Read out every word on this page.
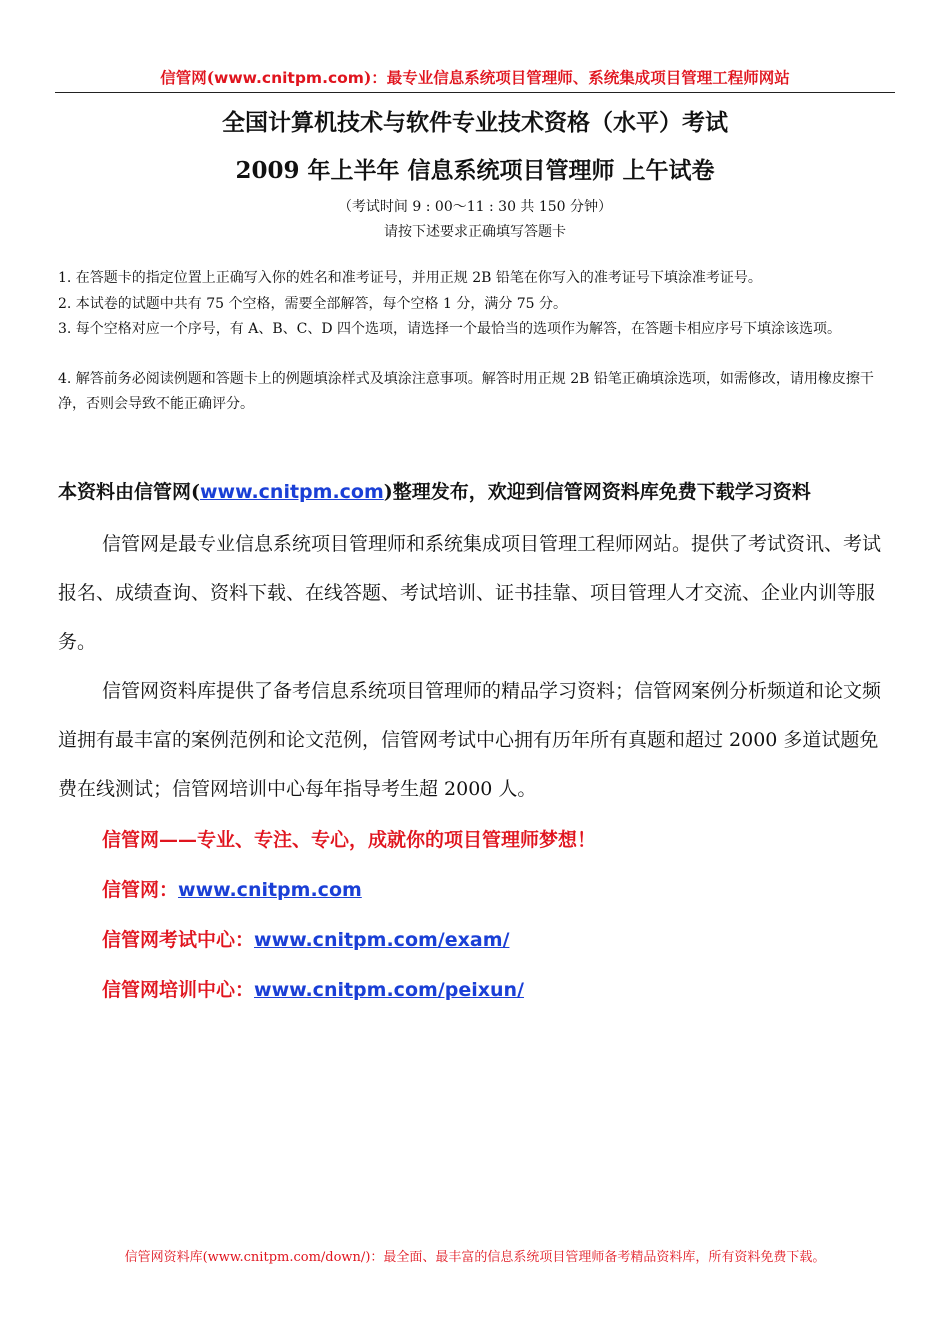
信管网(www.cnitpm.com)：最专业信息系统项目管理师、系统集成项目管理工程师网站
全国计算机技术与软件专业技术资格（水平）考试
2009 年上半年 信息系统项目管理师 上午试卷
（考试时间 9 : 00～11 : 30 共 150 分钟）
请按下述要求正确填写答题卡
1. 在答题卡的指定位置上正确写入你的姓名和准考证号，并用正规 2B 铅笔在你写入的准考证号下填涂准考证号。
2. 本试卷的试题中共有 75 个空格，需要全部解答，每个空格 1 分，满分 75 分。
3. 每个空格对应一个序号，有 A、B、C、D 四个选项，请选择一个最恰当的选项作为解答，在答题卡相应序号下填涂该选项。
4. 解答前务必阅读例题和答题卡上的例题填涂样式及填涂注意事项。解答时用正规 2B 铅笔正确填涂选项，如需修改，请用橡皮擦干净，否则会导致不能正确评分。
本资料由信管网(www.cnitpm.com)整理发布，欢迎到信管网资料库免费下载学习资料
信管网是最专业信息系统项目管理师和系统集成项目管理工程师网站。提供了考试资讯、考试报名、成绩查询、资料下载、在线答题、考试培训、证书挂靠、项目管理人才交流、企业内训等服务。
信管网资料库提供了备考信息系统项目管理师的精品学习资料；信管网案例分析频道和论文频道拥有最丰富的案例范例和论文范例，信管网考试中心拥有历年所有真题和超过 2000 多道试题免费在线测试；信管网培训中心每年指导考生超 2000 人。
信管网——专业、专注、专心，成就你的项目管理师梦想！
信管网：www.cnitpm.com
信管网考试中心：www.cnitpm.com/exam/
信管网培训中心：www.cnitpm.com/peixun/
信管网资料库(www.cnitpm.com/down/)：最全面、最丰富的信息系统项目管理师备考精品资料库，所有资料免费下载。
